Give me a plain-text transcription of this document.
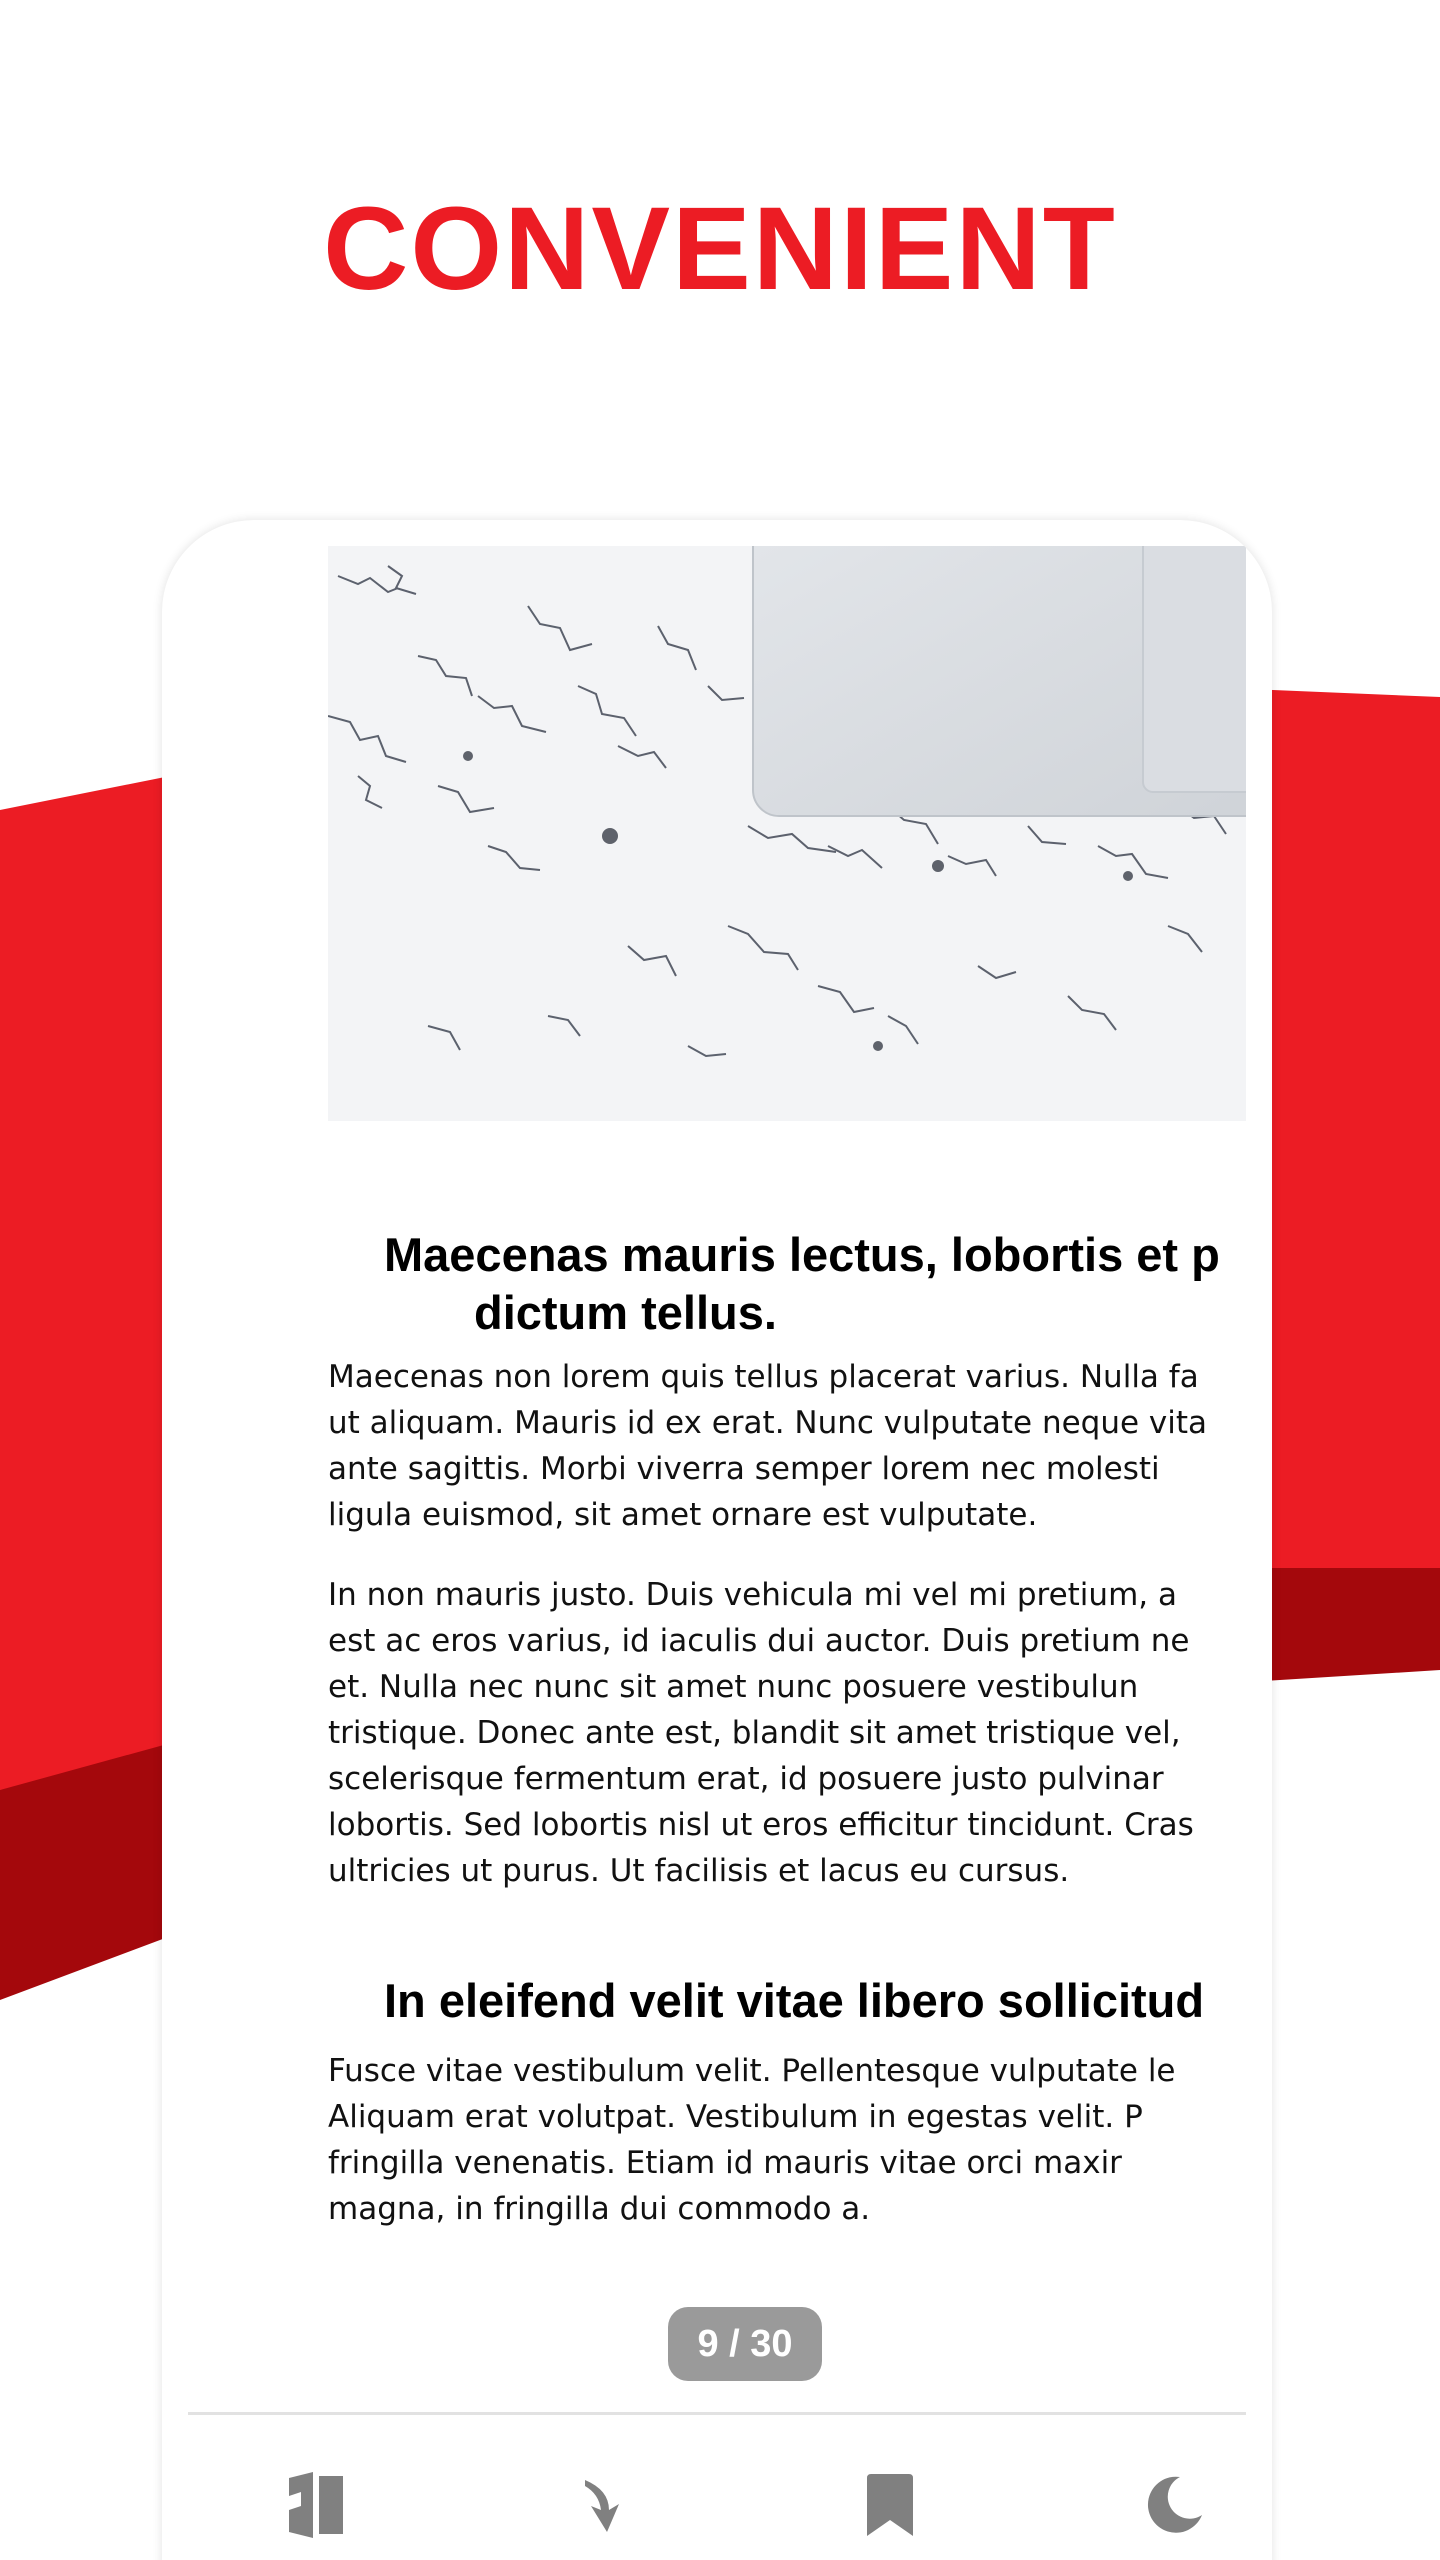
CONVENIENT
Maecenas mauris lectus, lobortis et p
dictum tellus.
Maecenas non lorem quis tellus placerat varius. Nulla fa
ut aliquam. Mauris id ex erat. Nunc vulputate neque vita
ante sagittis. Morbi viverra semper lorem nec molesti
ligula euismod, sit amet ornare est vulputate.
In non mauris justo. Duis vehicula mi vel mi pretium, a
est ac eros varius, id iaculis dui auctor. Duis pretium ne
et. Nulla nec nunc sit amet nunc posuere vestibulun
tristique. Donec ante est, blandit sit amet tristique vel,
scelerisque fermentum erat, id posuere justo pulvinar
lobortis. Sed lobortis nisl ut eros efficitur tincidunt. Cras
ultricies ut purus. Ut facilisis et lacus eu cursus.
In eleifend velit vitae libero sollicitud
Fusce vitae vestibulum velit. Pellentesque vulputate le
Aliquam erat volutpat. Vestibulum in egestas velit. P
fringilla venenatis. Etiam id mauris vitae orci maxir
magna, in fringilla dui commodo a.
9 / 30
